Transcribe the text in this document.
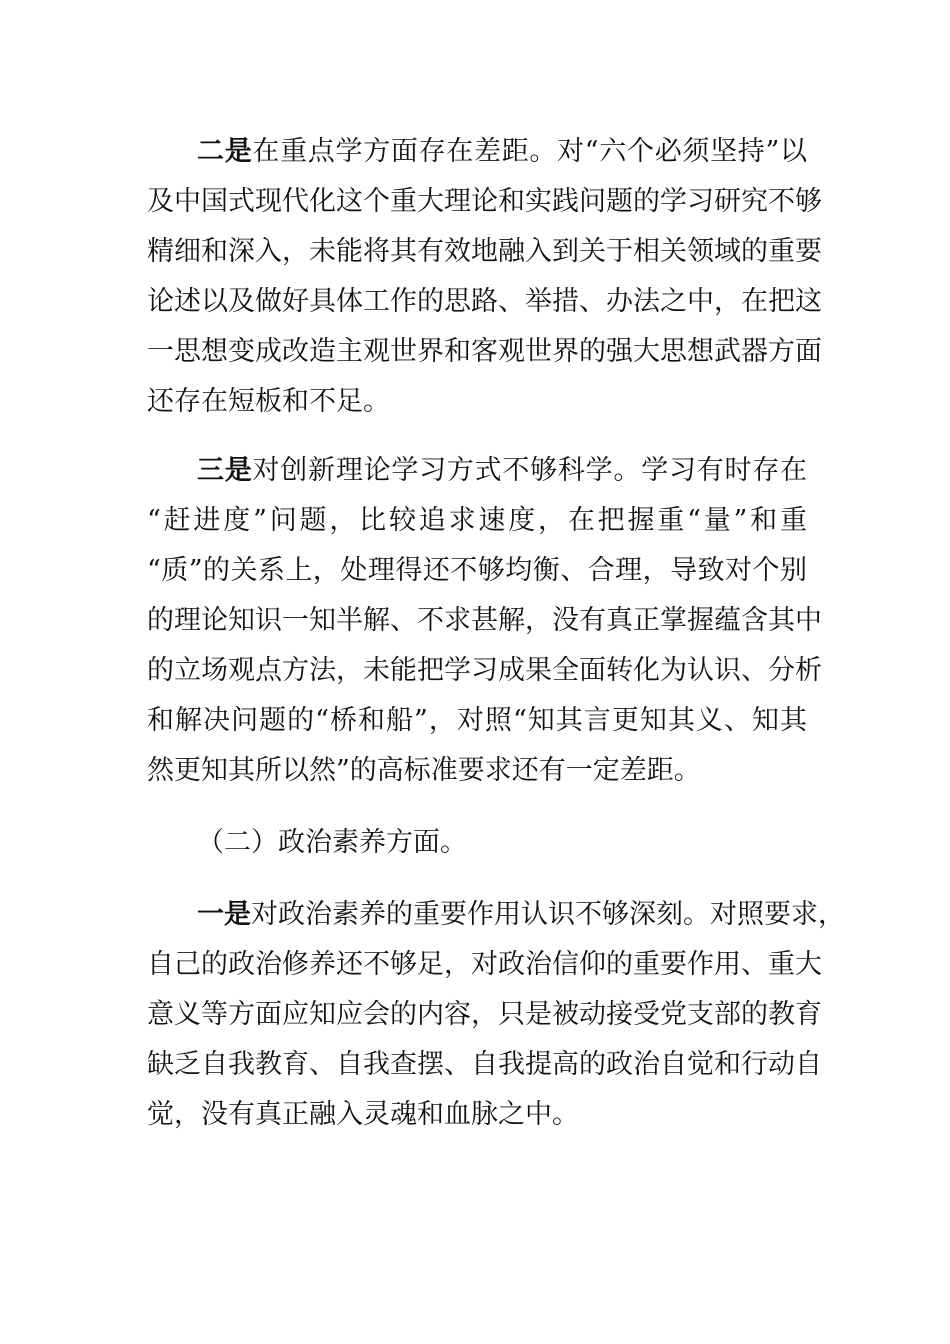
二是在重点学方面存在差距。对“六个必须坚持”以
及中国式现代化这个重大理论和实践问题的学习研究不够
精细和深入，未能将其有效地融入到关于相关领域的重要
论述以及做好具体工作的思路、举措、办法之中，在把这
一思想变成改造主观世界和客观世界的强大思想武器方面
还存在短板和不足。
三是对创新理论学习方式不够科学。学习有时存在
“赶进度”问题，比较追求速度，在把握重“量”和重
“质”的关系上，处理得还不够均衡、合理，导致对个别
的理论知识一知半解、不求甚解，没有真正掌握蕴含其中
的立场观点方法，未能把学习成果全面转化为认识、分析
和解决问题的“桥和船”，对照“知其言更知其义、知其
然更知其所以然”的高标准要求还有一定差距。
（二）政治素养方面。
一是对政治素养的重要作用认识不够深刻。对照要求，
自己的政治修养还不够足，对政治信仰的重要作用、重大
意义等方面应知应会的内容，只是被动接受党支部的教育
缺乏自我教育、自我查摆、自我提高的政治自觉和行动自
觉，没有真正融入灵魂和血脉之中。
